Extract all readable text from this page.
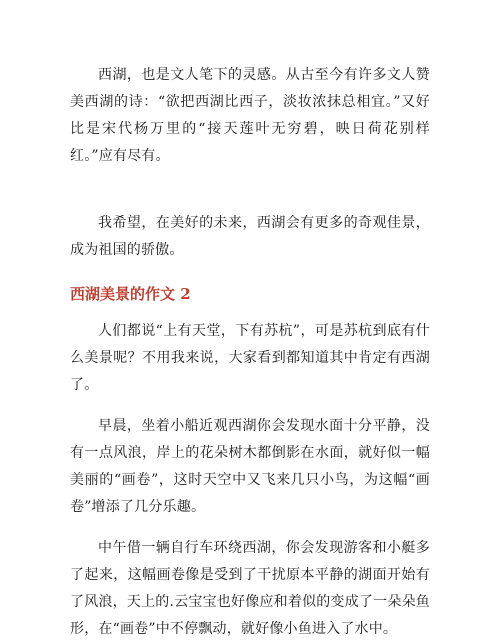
西湖，也是文人笔下的灵感。从古至今有许多文人赞美西湖的诗：“欲把西湖比西子，淡妆浓抹总相宜。”又好比是宋代杨万里的“接天莲叶无穷碧，映日荷花别样红。”应有尽有。

我希望，在美好的未来，西湖会有更多的奇观佳景，成为祖国的骄傲。

西湖美景的作文 2

人们都说“上有天堂，下有苏杭”，可是苏杭到底有什么美景呢？不用我来说，大家看到都知道其中肯定有西湖了。

早晨，坐着小船近观西湖你会发现水面十分平静，没有一点风浪，岸上的花朵树木都倒影在水面，就好似一幅美丽的“画卷”，这时天空中又飞来几只小鸟，为这幅“画卷”增添了几分乐趣。

中午借一辆自行车环绕西湖，你会发现游客和小艇多了起来，这幅画卷像是受到了干扰原本平静的湖面开始有了风浪，天上的.云宝宝也好像应和着似的变成了一朵朵鱼形，在“画卷”中不停飘动，就好像小鱼进入了水中。
